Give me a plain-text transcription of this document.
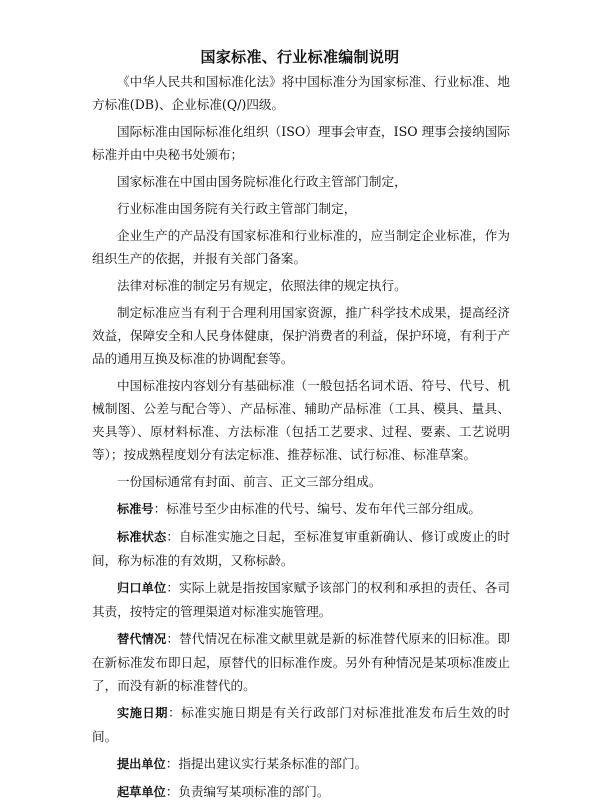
国家标准、行业标准编制说明

《中华人民共和国标准化法》将中国标准分为国家标准、行业标准、地方标准(DB)、企业标准(Q/)四级。

国际标准由国际标准化组织（ISO）理事会审查，ISO 理事会接纳国际标准并由中央秘书处颁布；

国家标准在中国由国务院标准化行政主管部门制定，

行业标准由国务院有关行政主管部门制定，

企业生产的产品没有国家标准和行业标准的，应当制定企业标准，作为组织生产的依据，并报有关部门备案。

法律对标准的制定另有规定，依照法律的规定执行。

制定标准应当有利于合理利用国家资源，推广科学技术成果，提高经济效益，保障安全和人民身体健康，保护消费者的利益，保护环境，有利于产品的通用互换及标准的协调配套等。

中国标准按内容划分有基础标准（一般包括名词术语、符号、代号、机械制图、公差与配合等）、产品标准、辅助产品标准（工具、模具、量具、夹具等）、原材料标准、方法标准（包括工艺要求、过程、要素、工艺说明等）；按成熟程度划分有法定标准、推荐标准、试行标准、标准草案。

一份国标通常有封面、前言、正文三部分组成。

标准号：标准号至少由标准的代号、编号、发布年代三部分组成。

标准状态：自标准实施之日起，至标准复审重新确认、修订或废止的时间，称为标准的有效期，又称标龄。

归口单位：实际上就是指按国家赋予该部门的权利和承担的责任、各司其责，按特定的管理渠道对标准实施管理。

替代情况：替代情况在标准文献里就是新的标准替代原来的旧标准。即在新标准发布即日起，原替代的旧标准作废。另外有种情况是某项标准废止了，而没有新的标准替代的。

实施日期：标准实施日期是有关行政部门对标准批准发布后生效的时间。

提出单位：指提出建议实行某条标准的部门。

起草单位：负责编写某项标准的部门。
